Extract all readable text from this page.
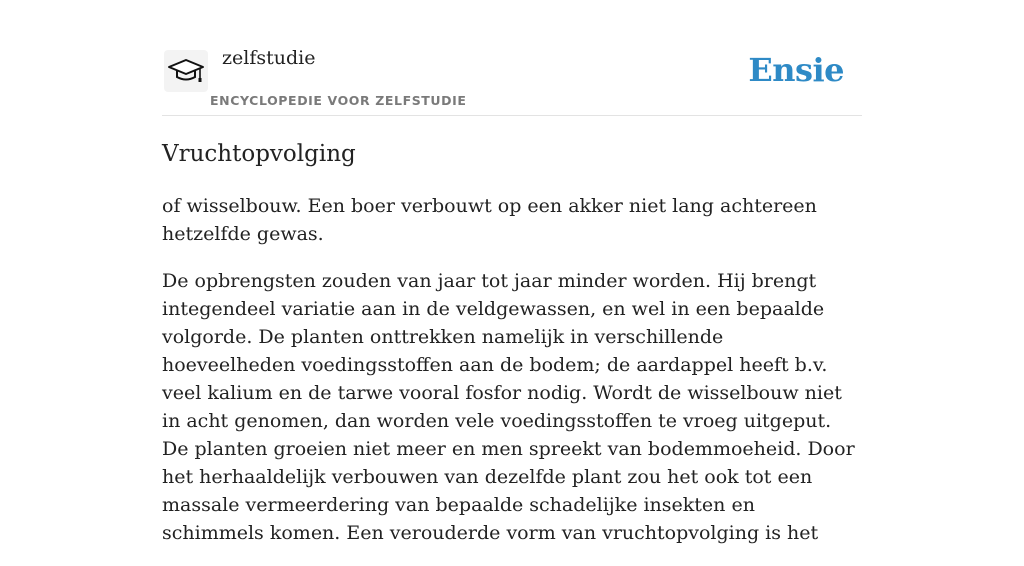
zelfstudie
ENCYCLOPEDIE VOOR ZELFSTUDIE
Ensie
Vruchtopvolging

of wisselbouw. Een boer verbouwt op een akker niet lang achtereen hetzelfde gewas.

De opbrengsten zouden van jaar tot jaar minder worden. Hij brengt integendeel variatie aan in de veldgewassen, en wel in een bepaalde volgorde. De planten onttrekken namelijk in verschillende hoeveelheden voedingsstoffen aan de bodem; de aardappel heeft b.v. veel kalium en de tarwe vooral fosfor nodig. Wordt de wisselbouw niet in acht genomen, dan worden vele voedingsstoffen te vroeg uitgeput. De planten groeien niet meer en men spreekt van bodemmoeheid. Door het herhaaldelijk verbouwen van dezelfde plant zou het ook tot een massale vermeerdering van bepaalde schadelijke insekten en schimmels komen. Een verouderde vorm van vruchtopvolging is het
